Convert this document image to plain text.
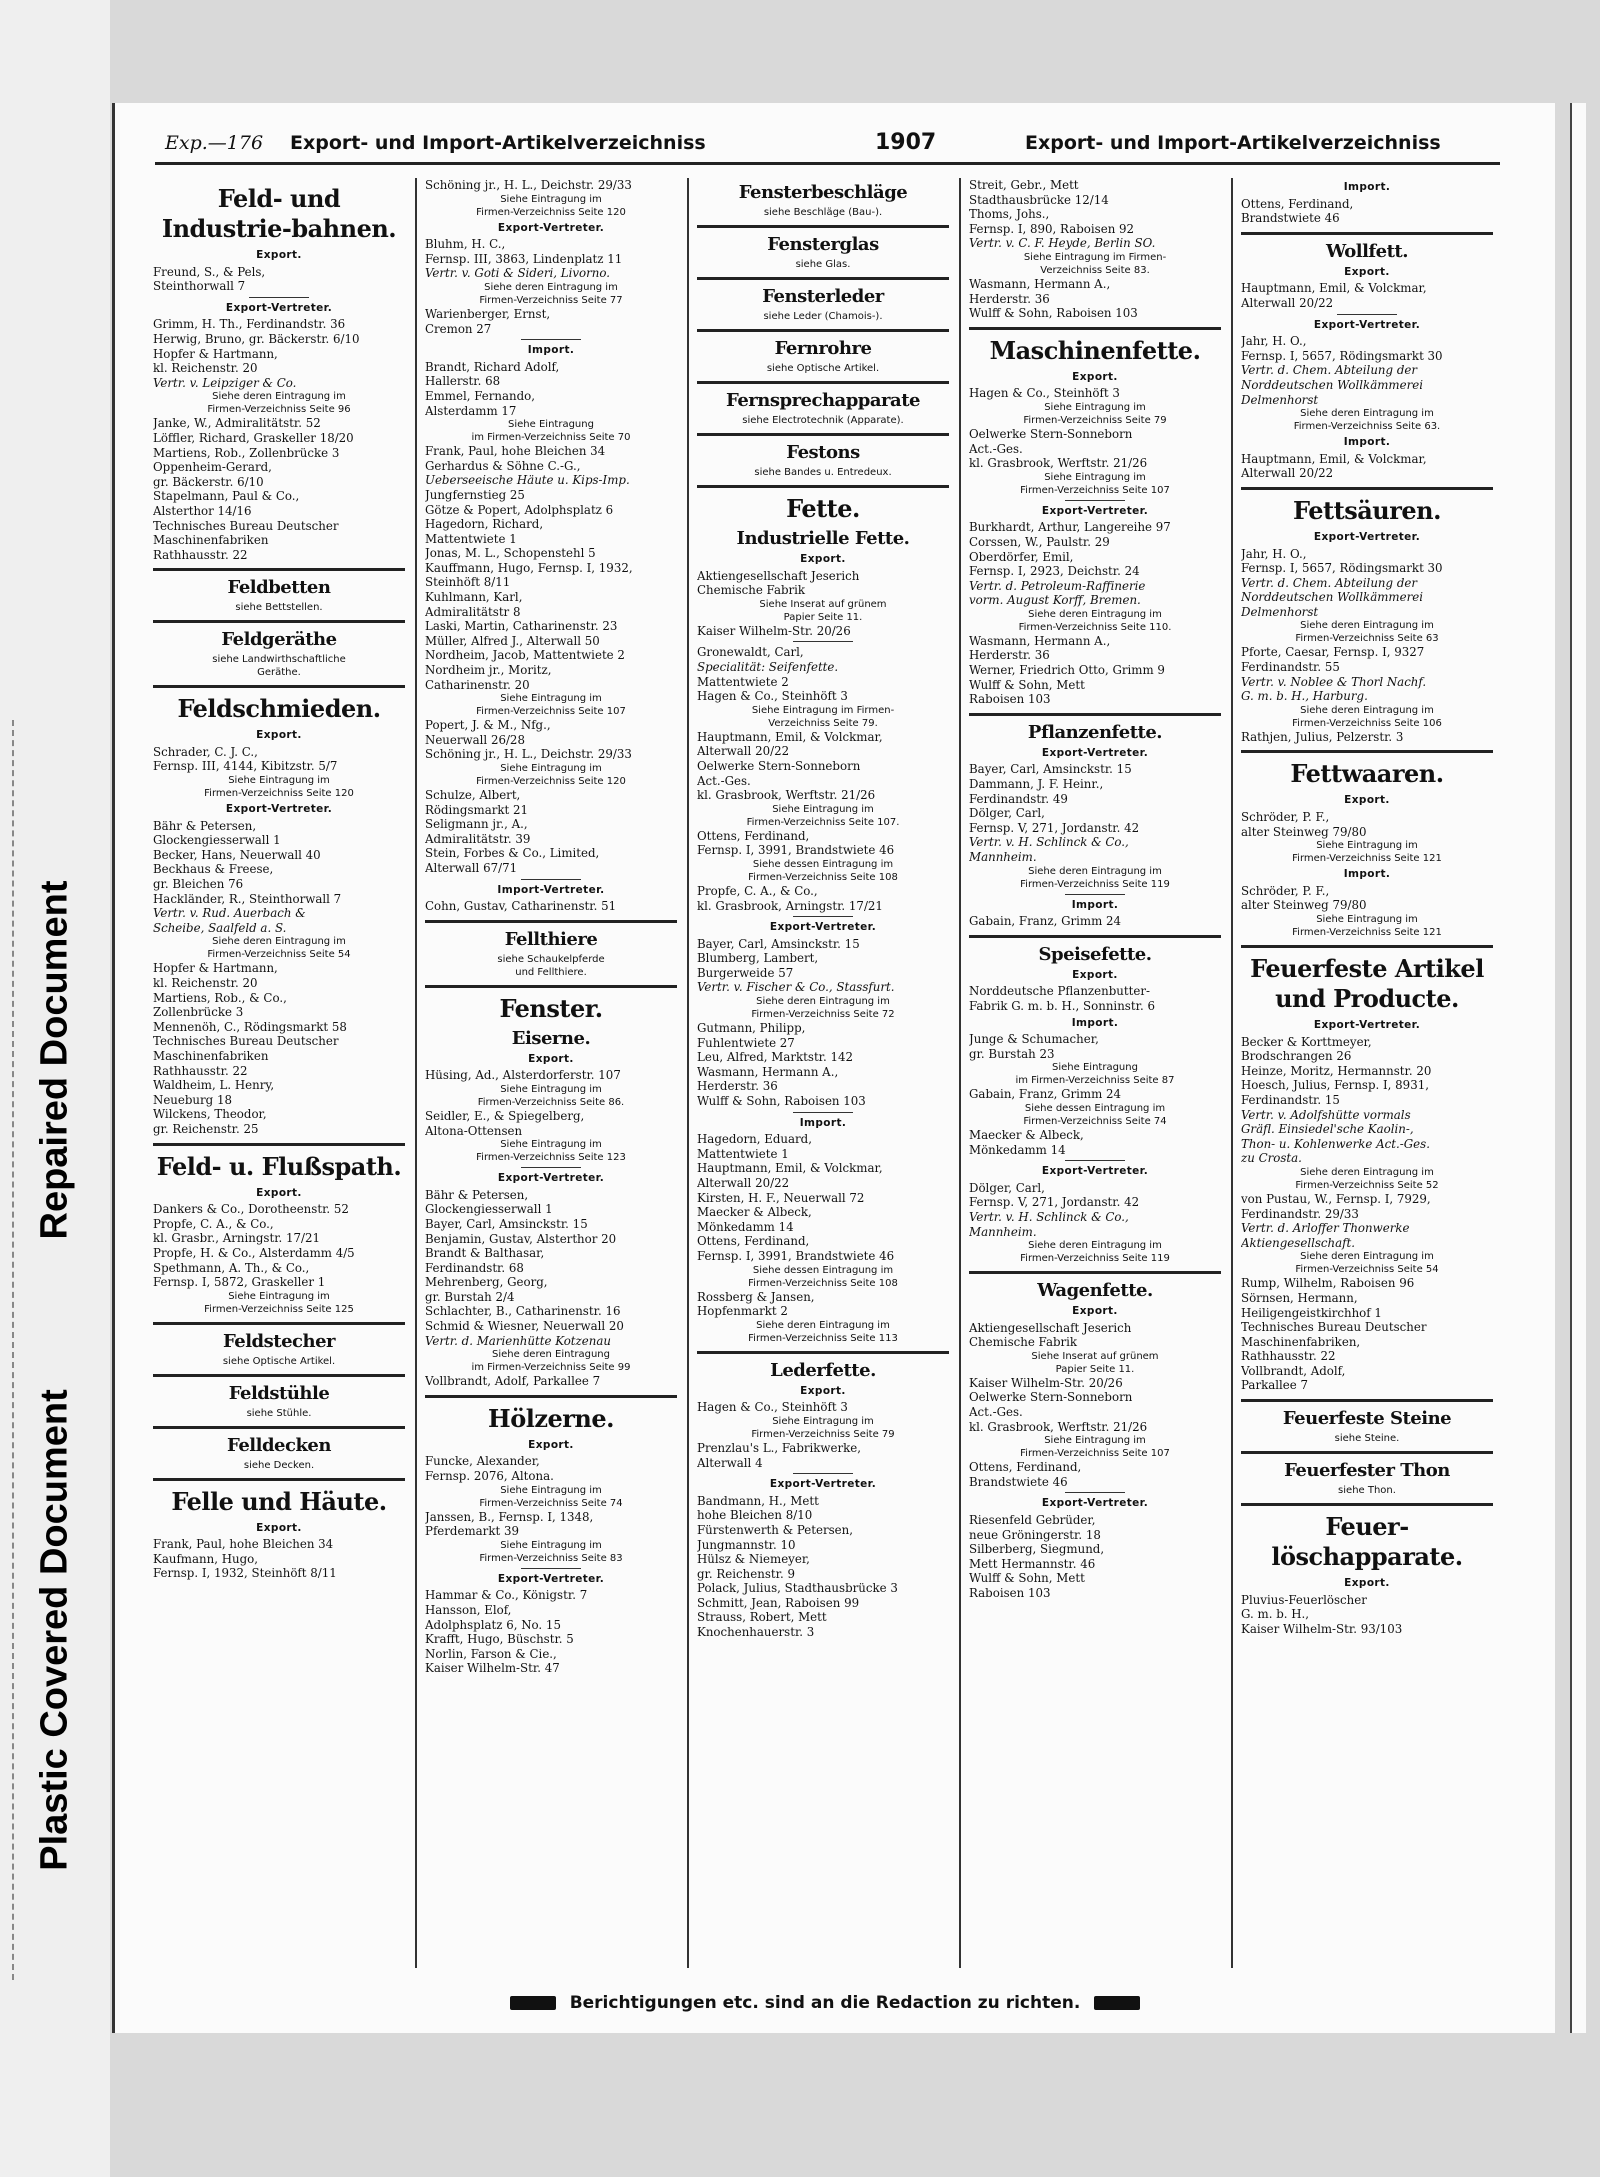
Repaired Document
Plastic Covered Document
Exp.—176 Export- und Import-Artikelverzeichniss	1907	Export- und Import-Artikelverzeichniss
Feld- und Industrie-bahnen.
Export.
Freund, S., & Pels,
Steinthorwall 7
Export-Vertreter.
Grimm, H. Th., Ferdinandstr. 36
Herwig, Bruno, gr. Bäckerstr. 6/10
Hopfer & Hartmann,
kl. Reichenstr. 20
Vertr. v. Leipziger & Co.
Siehe deren Eintragung im
Firmen-Verzeichniss Seite 96
Janke, W., Admiralitätstr. 52
Löffler, Richard, Graskeller 18/20
Martiens, Rob., Zollenbrücke 3
Oppenheim-Gerard,
gr. Bäckerstr. 6/10
Stapelmann, Paul & Co.,
Alsterthor 14/16
Technisches Bureau Deutscher
Maschinenfabriken
Rathhausstr. 22
Feldbetten
siehe Bettstellen.
Feldgeräthe
siehe Landwirthschaftliche
Geräthe.
Feldschmieden.
Export.
Schrader, C. J. C.,
Fernsp. III, 4144, Kibitzstr. 5/7
Siehe Eintragung im
Firmen-Verzeichniss Seite 120
Export-Vertreter.
Bähr & Petersen,
Glockengiesserwall 1
Becker, Hans, Neuerwall 40
Beckhaus & Freese,
gr. Bleichen 76
Hackländer, R., Steinthorwall 7
Vertr. v. Rud. Auerbach &
Scheibe, Saalfeld a. S.
Siehe deren Eintragung im
Firmen-Verzeichniss Seite 54
Hopfer & Hartmann,
kl. Reichenstr. 20
Martiens, Rob., & Co.,
Zollenbrücke 3
Mennenöh, C., Rödingsmarkt 58
Technisches Bureau Deutscher
Maschinenfabriken
Rathhausstr. 22
Waldheim, L. Henry,
Neueburg 18
Wilckens, Theodor,
gr. Reichenstr. 25
Feld- u. Flußspath.
Export.
Dankers & Co., Dorotheenstr. 52
Propfe, C. A., & Co.,
kl. Grasbr., Arningstr. 17/21
Propfe, H. & Co., Alsterdamm 4/5
Spethmann, A. Th., & Co.,
Fernsp. I, 5872, Graskeller 1
Siehe Eintragung im
Firmen-Verzeichniss Seite 125
Feldstecher
siehe Optische Artikel.
Feldstühle
siehe Stühle.
Felldecken
siehe Decken.
Felle und Häute.
Export.
Frank, Paul, hohe Bleichen 34
Kaufmann, Hugo,
Fernsp. I, 1932, Steinhöft 8/11
Schöning jr., H. L., Deichstr. 29/33
Siehe Eintragung im
Firmen-Verzeichniss Seite 120
Export-Vertreter.
Bluhm, H. C.,
Fernsp. III, 3863, Lindenplatz 11
Vertr. v. Goti & Sideri, Livorno.
Siehe deren Eintragung im
Firmen-Verzeichniss Seite 77
Warienberger, Ernst,
Cremon 27
Import.
Brandt, Richard Adolf,
Hallerstr. 68
Emmel, Fernando,
Alsterdamm 17
Siehe Eintragung
im Firmen-Verzeichniss Seite 70
Frank, Paul, hohe Bleichen 34
Gerhardus & Söhne C.-G.,
Ueberseeische Häute u. Kips-Imp.
Jungfernstieg 25
Götze & Popert, Adolphsplatz 6
Hagedorn, Richard,
Mattentwiete 1
Jonas, M. L., Schopenstehl 5
Kauffmann, Hugo, Fernsp. I, 1932,
Steinhöft 8/11
Kuhlmann, Karl,
Admiralitätstr 8
Laski, Martin, Catharinenstr. 23
Müller, Alfred J., Alterwall 50
Nordheim, Jacob, Mattentwiete 2
Nordheim jr., Moritz,
Catharinenstr. 20
Siehe Eintragung im
Firmen-Verzeichniss Seite 107
Popert, J. & M., Nfg.,
Neuerwall 26/28
Schöning jr., H. L., Deichstr. 29/33
Siehe Eintragung im
Firmen-Verzeichniss Seite 120
Schulze, Albert,
Rödingsmarkt 21
Seligmann jr., A.,
Admiralitätstr. 39
Stein, Forbes & Co., Limited,
Alterwall 67/71
Import-Vertreter.
Cohn, Gustav, Catharinenstr. 51
Fellthiere
siehe Schaukelpferde
und Fellthiere.
Fenster.
Eiserne.
Export.
Hüsing, Ad., Alsterdorferstr. 107
Siehe Eintragung im
Firmen-Verzeichniss Seite 86.
Seidler, E., & Spiegelberg,
Altona-Ottensen
Siehe Eintragung im
Firmen-Verzeichniss Seite 123
Export-Vertreter.
Bähr & Petersen,
Glockengiesserwall 1
Bayer, Carl, Amsinckstr. 15
Benjamin, Gustav, Alsterthor 20
Brandt & Balthasar,
Ferdinandstr. 68
Mehrenberg, Georg,
gr. Burstah 2/4
Schlachter, B., Catharinenstr. 16
Schmid & Wiesner, Neuerwall 20
Vertr. d. Marienhütte Kotzenau
Siehe deren Eintragung
im Firmen-Verzeichniss Seite 99
Vollbrandt, Adolf, Parkallee 7
Hölzerne.
Export.
Funcke, Alexander,
Fernsp. 2076, Altona.
Siehe Eintragung im
Firmen-Verzeichniss Seite 74
Janssen, B., Fernsp. I, 1348,
Pferdemarkt 39
Siehe Eintragung im
Firmen-Verzeichniss Seite 83
Export-Vertreter.
Hammar & Co., Königstr. 7
Hansson, Elof,
Adolphsplatz 6, No. 15
Krafft, Hugo, Büschstr. 5
Norlin, Farson & Cie.,
Kaiser Wilhelm-Str. 47
Fensterbeschläge
siehe Beschläge (Bau-).
Fensterglas
siehe Glas.
Fensterleder
siehe Leder (Chamois-).
Fernrohre
siehe Optische Artikel.
Fernsprechapparate
siehe Electrotechnik (Apparate).
Festons
siehe Bandes u. Entredeux.
Fette.
Industrielle Fette.
Export.
Aktiengesellschaft Jeserich
Chemische Fabrik
Siehe Inserat auf grünem
Papier Seite 11.
Kaiser Wilhelm-Str. 20/26
Gronewaldt, Carl,
Specialität: Seifenfette.
Mattentwiete 2
Hagen & Co., Steinhöft 3
Siehe Eintragung im Firmen-
Verzeichniss Seite 79.
Hauptmann, Emil, & Volckmar,
Alterwall 20/22
Oelwerke Stern-Sonneborn
Act.-Ges.
kl. Grasbrook, Werftstr. 21/26
Siehe Eintragung im
Firmen-Verzeichniss Seite 107.
Ottens, Ferdinand,
Fernsp. I, 3991, Brandstwiete 46
Siehe dessen Eintragung im
Firmen-Verzeichniss Seite 108
Propfe, C. A., & Co.,
kl. Grasbrook, Arningstr. 17/21
Export-Vertreter.
Bayer, Carl, Amsinckstr. 15
Blumberg, Lambert,
Burgerweide 57
Vertr. v. Fischer & Co., Stassfurt.
Siehe deren Eintragung im
Firmen-Verzeichniss Seite 72
Gutmann, Philipp,
Fuhlentwiete 27
Leu, Alfred, Marktstr. 142
Wasmann, Hermann A.,
Herderstr. 36
Wulff & Sohn, Raboisen 103
Import.
Hagedorn, Eduard,
Mattentwiete 1
Hauptmann, Emil, & Volckmar,
Alterwall 20/22
Kirsten, H. F., Neuerwall 72
Maecker & Albeck,
Mönkedamm 14
Ottens, Ferdinand,
Fernsp. I, 3991, Brandstwiete 46
Siehe dessen Eintragung im
Firmen-Verzeichniss Seite 108
Rossberg & Jansen,
Hopfenmarkt 2
Siehe deren Eintragung im
Firmen-Verzeichniss Seite 113
Lederfette.
Export.
Hagen & Co., Steinhöft 3
Siehe Eintragung im
Firmen-Verzeichniss Seite 79
Prenzlau's L., Fabrikwerke,
Alterwall 4
Export-Vertreter.
Bandmann, H., Mett
hohe Bleichen 8/10
Fürstenwerth & Petersen,
Jungmannstr. 10
Hülsz & Niemeyer,
gr. Reichenstr. 9
Polack, Julius, Stadthausbrücke 3
Schmitt, Jean, Raboisen 99
Strauss, Robert, Mett
Knochenhauerstr. 3
Streit, Gebr., Mett
Stadthausbrücke 12/14
Thoms, Johs.,
Fernsp. I, 890, Raboisen 92
Vertr. v. C. F. Heyde, Berlin SO.
Siehe Eintragung im Firmen-
Verzeichniss Seite 83.
Wasmann, Hermann A.,
Herderstr. 36
Wulff & Sohn, Raboisen 103
Maschinenfette.
Export.
Hagen & Co., Steinhöft 3
Siehe Eintragung im
Firmen-Verzeichniss Seite 79
Oelwerke Stern-Sonneborn
Act.-Ges.
kl. Grasbrook, Werftstr. 21/26
Siehe Eintragung im
Firmen-Verzeichniss Seite 107
Export-Vertreter.
Burkhardt, Arthur, Langereihe 97
Corssen, W., Paulstr. 29
Oberdörfer, Emil,
Fernsp. I, 2923, Deichstr. 24
Vertr. d. Petroleum-Raffinerie
vorm. August Korff, Bremen.
Siehe deren Eintragung im
Firmen-Verzeichniss Seite 110.
Wasmann, Hermann A.,
Herderstr. 36
Werner, Friedrich Otto, Grimm 9
Wulff & Sohn, Mett
Raboisen 103
Pflanzenfette.
Export-Vertreter.
Bayer, Carl, Amsinckstr. 15
Dammann, J. F. Heinr.,
Ferdinandstr. 49
Dölger, Carl,
Fernsp. V, 271, Jordanstr. 42
Vertr. v. H. Schlinck & Co.,
Mannheim.
Siehe deren Eintragung im
Firmen-Verzeichniss Seite 119
Import.
Gabain, Franz, Grimm 24
Speisefette.
Export.
Norddeutsche Pflanzenbutter-
Fabrik G. m. b. H., Sonninstr. 6
Import.
Junge & Schumacher,
gr. Burstah 23
Siehe Eintragung
im Firmen-Verzeichniss Seite 87
Gabain, Franz, Grimm 24
Siehe dessen Eintragung im
Firmen-Verzeichniss Seite 74
Maecker & Albeck,
Mönkedamm 14
Export-Vertreter.
Dölger, Carl,
Fernsp. V, 271, Jordanstr. 42
Vertr. v. H. Schlinck & Co.,
Mannheim.
Siehe deren Eintragung im
Firmen-Verzeichniss Seite 119
Wagenfette.
Export.
Aktiengesellschaft Jeserich
Chemische Fabrik
Siehe Inserat auf grünem
Papier Seite 11.
Kaiser Wilhelm-Str. 20/26
Oelwerke Stern-Sonneborn
Act.-Ges.
kl. Grasbrook, Werftstr. 21/26
Siehe Eintragung im
Firmen-Verzeichniss Seite 107
Ottens, Ferdinand,
Brandstwiete 46
Export-Vertreter.
Riesenfeld Gebrüder,
neue Gröningerstr. 18
Silberberg, Siegmund,
Mett Hermannstr. 46
Wulff & Sohn, Mett
Raboisen 103
Import.
Ottens, Ferdinand,
Brandstwiete 46
Wollfett.
Export.
Hauptmann, Emil, & Volckmar,
Alterwall 20/22
Export-Vertreter.
Jahr, H. O.,
Fernsp. I, 5657, Rödingsmarkt 30
Vertr. d. Chem. Abteilung der
Norddeutschen Wollkämmerei
Delmenhorst
Siehe deren Eintragung im
Firmen-Verzeichniss Seite 63.
Import.
Hauptmann, Emil, & Volckmar,
Alterwall 20/22
Fettsäuren.
Export-Vertreter.
Jahr, H. O.,
Fernsp. I, 5657, Rödingsmarkt 30
Vertr. d. Chem. Abteilung der
Norddeutschen Wollkämmerei
Delmenhorst
Siehe deren Eintragung im
Firmen-Verzeichniss Seite 63
Pforte, Caesar, Fernsp. I, 9327
Ferdinandstr. 55
Vertr. v. Noblee & Thorl Nachf.
G. m. b. H., Harburg.
Siehe deren Eintragung im
Firmen-Verzeichniss Seite 106
Rathjen, Julius, Pelzerstr. 3
Fettwaaren.
Export.
Schröder, P. F.,
alter Steinweg 79/80
Siehe Eintragung im
Firmen-Verzeichniss Seite 121
Import.
Schröder, P. F.,
alter Steinweg 79/80
Siehe Eintragung im
Firmen-Verzeichniss Seite 121
Feuerfeste Artikel und Producte.
Export-Vertreter.
Becker & Korttmeyer,
Brodschrangen 26
Heinze, Moritz, Hermannstr. 20
Hoesch, Julius, Fernsp. I, 8931,
Ferdinandstr. 15
Vertr. v. Adolfshütte vormals
Gräfl. Einsiedel'sche Kaolin-,
Thon- u. Kohlenwerke Act.-Ges.
zu Crosta.
Siehe deren Eintragung im
Firmen-Verzeichniss Seite 52
von Pustau, W., Fernsp. I, 7929,
Ferdinandstr. 29/33
Vertr. d. Arloffer Thonwerke
Aktiengesellschaft.
Siehe deren Eintragung im
Firmen-Verzeichniss Seite 54
Rump, Wilhelm, Raboisen 96
Sörnsen, Hermann,
Heiligengeistkirchhof 1
Technisches Bureau Deutscher
Maschinenfabriken,
Rathhausstr. 22
Vollbrandt, Adolf,
Parkallee 7
Feuerfeste Steine
siehe Steine.
Feuerfester Thon
siehe Thon.
Feuer-löschapparate.
Export.
Pluvius-Feuerlöscher
G. m. b. H.,
Kaiser Wilhelm-Str. 93/103
Berichtigungen etc. sind an die Redaction zu richten.
